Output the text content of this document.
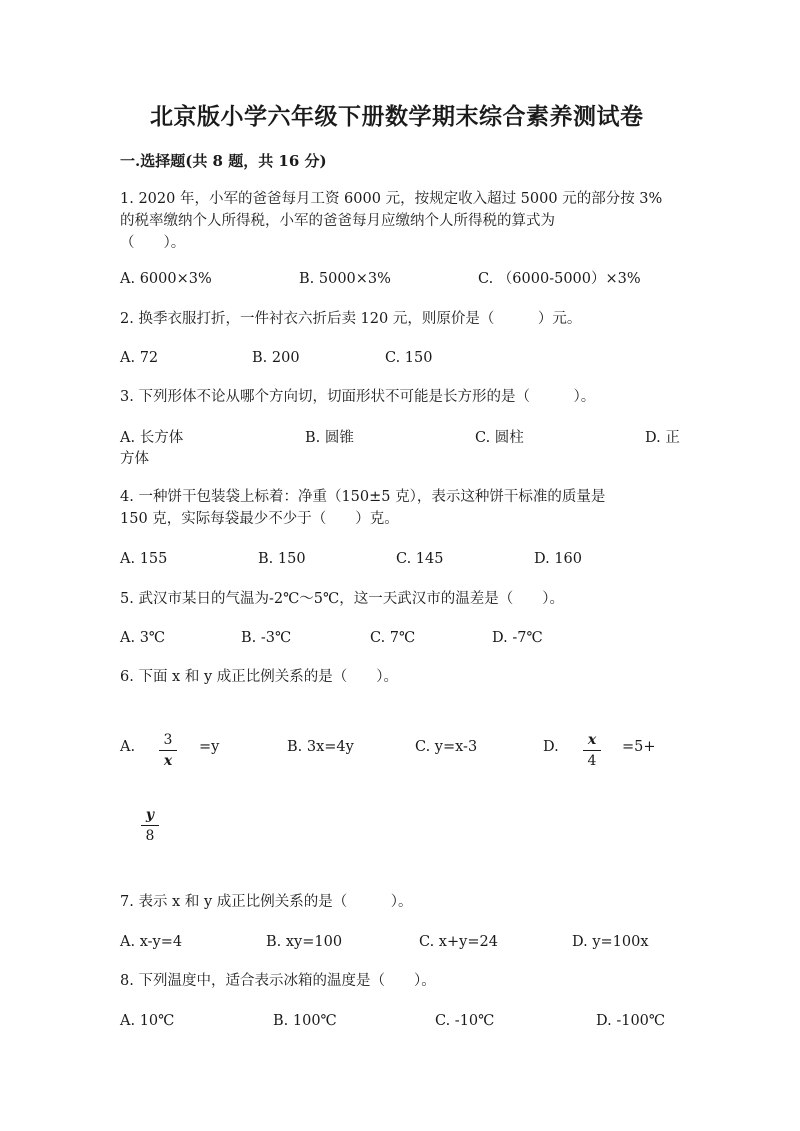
北京版小学六年级下册数学期末综合素养测试卷
一.选择题(共 8 题，共 16 分)
1. 2020 年，小军的爸爸每月工资 6000 元，按规定收入超过 5000 元的部分按 3%
的税率缴纳个人所得税，小军的爸爸每月应缴纳个人所得税的算式为
（　　）。
A. 6000×3%	B. 5000×3%	C. （6000-5000）×3%
2. 换季衣服打折，一件衬衣六折后卖 120 元，则原价是（　　　）元。
A. 72	B. 200	C. 150
3. 下列形体不论从哪个方向切，切面形状不可能是长方形的是（　　　）。
A. 长方体	B. 圆锥	C. 圆柱	D. 正
方体
4. 一种饼干包装袋上标着：净重（150±5 克），表示这种饼干标准的质量是
150 克，实际每袋最少不少于（　　）克。
A. 155	B. 150	C. 145	D. 160
5. 武汉市某日的气温为-2℃～5℃，这一天武汉市的温差是（　　）。
A. 3℃	B. -3℃	C. 7℃	D. -7℃
6. 下面 x 和 y 成正比例关系的是（　　）。
A.	3
x
=y	B. 3x=4y	C. y=x-3	D.	x
4
=5+
y
8
7. 表示 x 和 y 成正比例关系的是（　　　）。
A. x-y=4	B. xy=100	C. x+y=24	D. y=100x
8. 下列温度中，适合表示冰箱的温度是（　　）。
A. 10℃	B. 100℃	C. -10℃	D. -100℃
